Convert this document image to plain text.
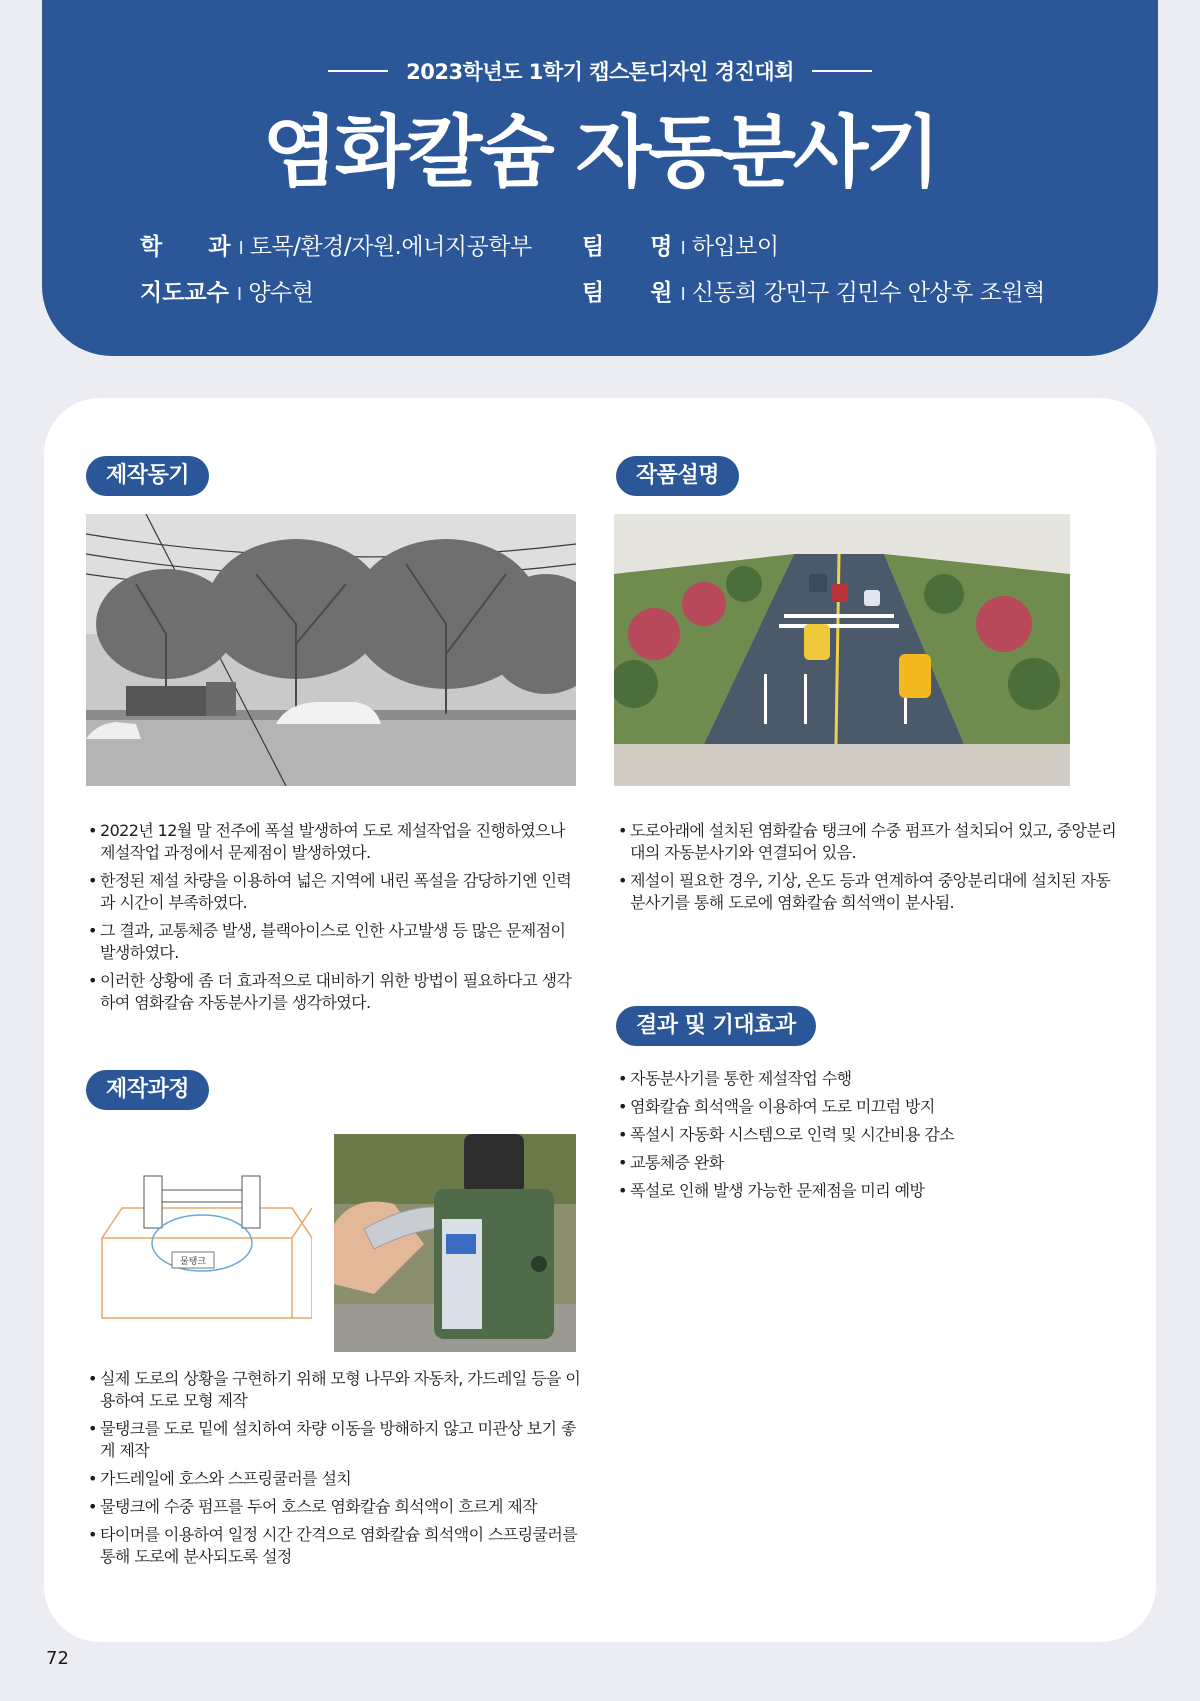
2023학년도 1학기 캡스톤디자인 경진대회
염화칼슘 자동분사기
학　　과 I 토목/환경/자원.에너지공학부
지도교수 I 양수현
팀　　명 I 하입보이
팀　　원 I 신동희 강민구 김민수 안상후 조원혁
제작동기
• 2022년 12월 말 전주에 폭설 발생하여 도로 제설작업을 진행하였으나 제설작업 과정에서 문제점이 발생하였다.
• 한정된 제설 차량을 이용하여 넓은 지역에 내린 폭설을 감당하기엔 인력과 시간이 부족하였다.
• 그 결과, 교통체증 발생, 블랙아이스로 인한 사고발생 등 많은 문제점이 발생하였다.
• 이러한 상황에 좀 더 효과적으로 대비하기 위한 방법이 필요하다고 생각하여 염화칼슘 자동분사기를 생각하였다.
제작과정
물탱크
• 실제 도로의 상황을 구현하기 위해 모형 나무와 자동차, 가드레일 등을 이용하여 도로 모형 제작
• 물탱크를 도로 밑에 설치하여 차량 이동을 방해하지 않고 미관상 보기 좋게 제작
• 가드레일에 호스와 스프링쿨러를 설치
• 물탱크에 수중 펌프를 두어 호스로 염화칼슘 희석액이 흐르게 제작
• 타이머를 이용하여 일정 시간 간격으로 염화칼슘 희석액이 스프링쿨러를 통해 도로에 분사되도록 설정
작품설명
• 도로아래에 설치된 염화칼슘 탱크에 수중 펌프가 설치되어 있고, 중앙분리대의 자동분사기와 연결되어 있음.
• 제설이 필요한 경우, 기상, 온도 등과 연계하여 중앙분리대에 설치된 자동 분사기를 통해 도로에 염화칼슘 희석액이 분사됨.
결과 및 기대효과
• 자동분사기를 통한 제설작업 수행
• 염화칼슘 희석액을 이용하여 도로 미끄럼 방지
• 폭설시 자동화 시스템으로 인력 및 시간비용 감소
• 교통체증 완화
• 폭설로 인해 발생 가능한 문제점을 미리 예방
72
